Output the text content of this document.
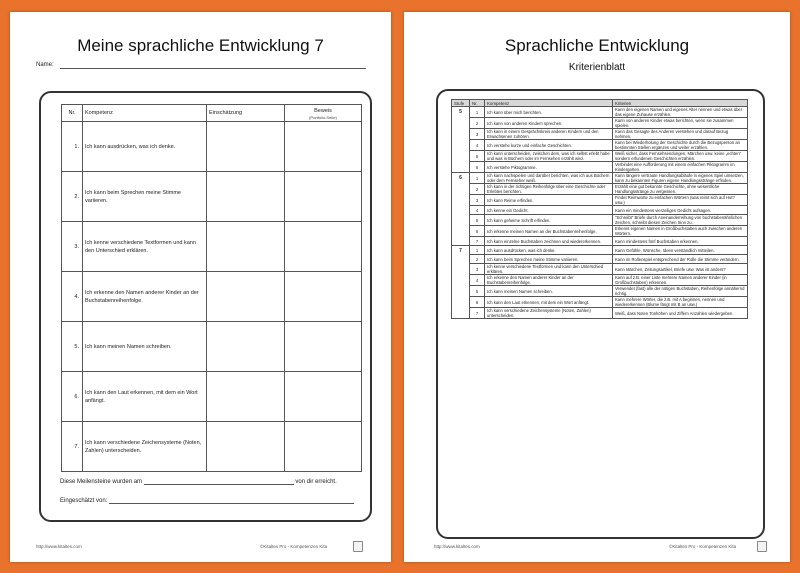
Meine sprachliche Entwicklung 7
Name:
Nr.	Kompetenz	Einschätzung	Beweis
(Portfolio-Seite)

1.	Ich kann ausdrücken, was ich denke.		
2.	Ich kann beim Sprechen meine Stimme variieren.		
3.	Ich kenne verschiedene Textformen und kann den Unterschied erklären.		
4.	Ich erkenne den Namen anderer Kinder an der Buchstabenreihenfolge.		
5.	Ich kann meinen Namen schreiben.		
6.	Ich kann den Laut erkennen, mit dem ein Wort anfängt.		
7.	Ich kann verschiedene Zeichensysteme (Noten, Zahlen) unterscheiden.		
Diese Meilensteine wurden am	von dir erreicht.
Eingeschätzt von:
http://www.kitaltes.com	©Kitaltes Pro - Kompetenzen Kita
Sprachliche Entwicklung
Kriterienblatt
Stufe	Nr.	Kompetenz	Kriterien
5	1	Ich kann über mich berichten.	Kann den eigenen Namen und eigenes Alter nennen und etwas über das eigene Zuhause erzählen.
	2	Ich kann von anderen Kindern sprechen.	Kann von anderen Kinder etwas berichten, wenn sie zusammen spielen.
	3	Ich kann in einem Gesprächskreis anderen Kindern und den Erwachsenen zuhören.	Kann das Gesagte des Anderen verstehen und darauf Bezug nehmen.
	4	Ich verstehe kurze und einfache Geschichten.	Kann bei Wiederholung der Geschichte durch die Bezugsperson an bestimmten Stellen ergänzen und weiter erzählen.
	5	Ich kann unterscheiden, zwischen dem, was ich selbst erlebt habe und was in Büchern oder im Fernsehen erzählt wird.	Weiß sicher, dass Fernsehsendungen, Märchen usw. keine „echten“ sondern erfundenen Geschichten erzählen.
	6	Ich verstehe Piktogramme.	Verbindet eine Aufforderung mit einem einfachen Piktogramm im Kindergarten.
6	1	Ich kann nachspielen und darüber berichten, was ich aus Büchern oder dem Fernseher weiß.	Kann längere vertraute Handlungsabläufe in eigenes Spiel umsetzen, kann zu bekannten Figuren eigene Handlungsstränge erfinden.
	2	Ich kann in der richtigen Reihenfolge über eine Geschichte oder Erlebtes berichten.	Erzählt eine gut bekannte Geschichte, ohne wesentliche Handlungsstränge zu vergessen.
	3	Ich kann Reime erfinden.	Findet Reimworte zu einfachen Wörtern (was reimt sich auf Hut? usw.)
	4	Ich kenne ein Gedicht.	Kann ein mindestens vierzeiliges Gedicht aufsagen.
	5	Ich kann geheime Schrift erfinden.	"Schreibt" Briefe durch Aneinanderreihung von buchstabenähnlichen Zeichen, schreibt diesen Zeichen Sinn zu.
	6	Ich erkenne meinen Namen an der Buchstabenreihenfolge.	Erkennt eigenen Namen in Großbuchstaben auch zwischen anderen Wörtern.
	7	Ich kann einzelne Buchstaben zeichnen und wiedererkennen.	Kann mindestens fünf Buchstaben erkennen.
7	1	Ich kann ausdrücken, was ich denke.	Kann Gefühle, Wünsche, Ideen verständlich mitteilen.
	2	Ich kann beim Sprechen meine Stimme variieren.	Kann im Rollenspiel entsprechend der Rolle die Stimme verändern.
	3	Ich kenne verschiedene Textformen und kann den Unterschied erklären.	Kann Märchen, Zeitungsartikel, Briefe usw. Was ist anders?
	4	Ich erkenne den Namen anderer Kinder an der Buchstabenreihenfolge.	Kann auf z.B. einer Liste mehrere Namen anderer Kinder (in Großbuchstaben) erkennen.
	5	Ich kann meinen Namen schreiben.	Verwendet (fast) alle der nötigen Buchstaben, Reihenfolge annähernd richtig.
	6	Ich kann den Laut erkennen, mit dem ein Wort anfängt.	Kann mehrere Wörter, die z.B. mit A beginnen, nennen und wiedererkennen (Blume fängt mit B an usw.)
	7	Ich kann verschiedene Zeichensysteme (Noten, Zahlen) unterscheiden.	Weiß, dass Noten Tonhöhen und Ziffern Anzahlen wiedergeben.
http://www.kitaltes.com	©Kitaltes Pro - Kompetenzen Kita
